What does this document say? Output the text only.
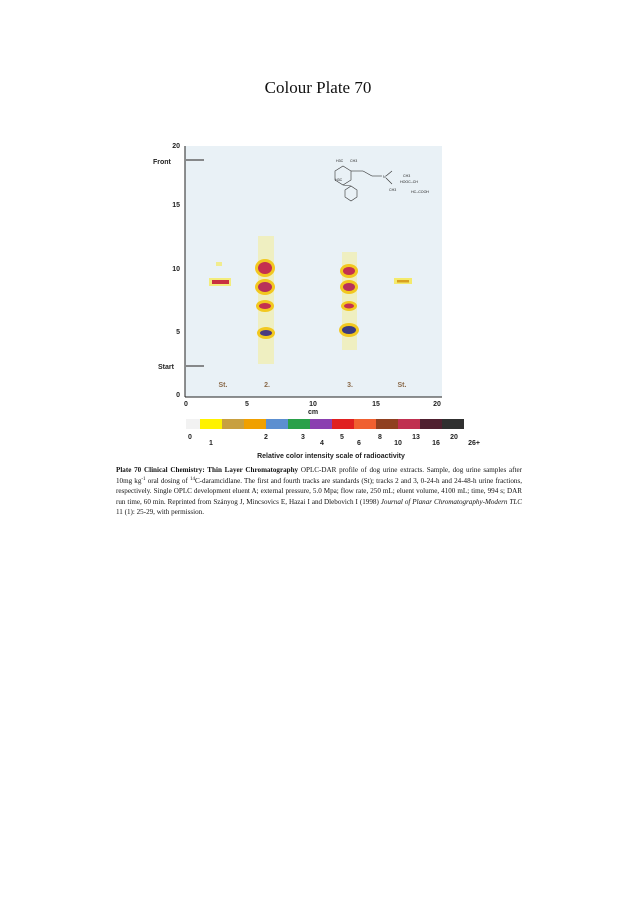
Colour Plate 70
20
15
10
5
0
Front
Start
0	5	10	15	20
cm
St.	2.	3.	St.
H3C CH3
CH3
HOOC–CH
CH3	HC–COOH
H3C
N
0
1
2	3
4
5
6
8
10
13
16
20
26+
Relative color intensity scale of radioactivity
Plate 70 Clinical Chemistry: Thin Layer Chromatography OPLC-DAR profile of dog urine extracts. Sample, dog urine samples after 10mg $kg^{-1}$ oral dosing of $^{14}$C-daramcidlane. The first and fourth tracks are standards (St); tracks 2 and 3, 0-24-h and 24-48-h urine fractions, respectively. Single OPLC development eluent A; external pressure, 5.0 Mpa; flow rate, 250 mL; eluent volume, 4100 mL; time, 994 s; DAR run time, 60 min. Reprinted from Szányog J, Mincsovics E, Hazai I and Dlebovich I (1998) Journal of Planar Chromatography-Modern TLC 11 (1): 25-29, with permission.
